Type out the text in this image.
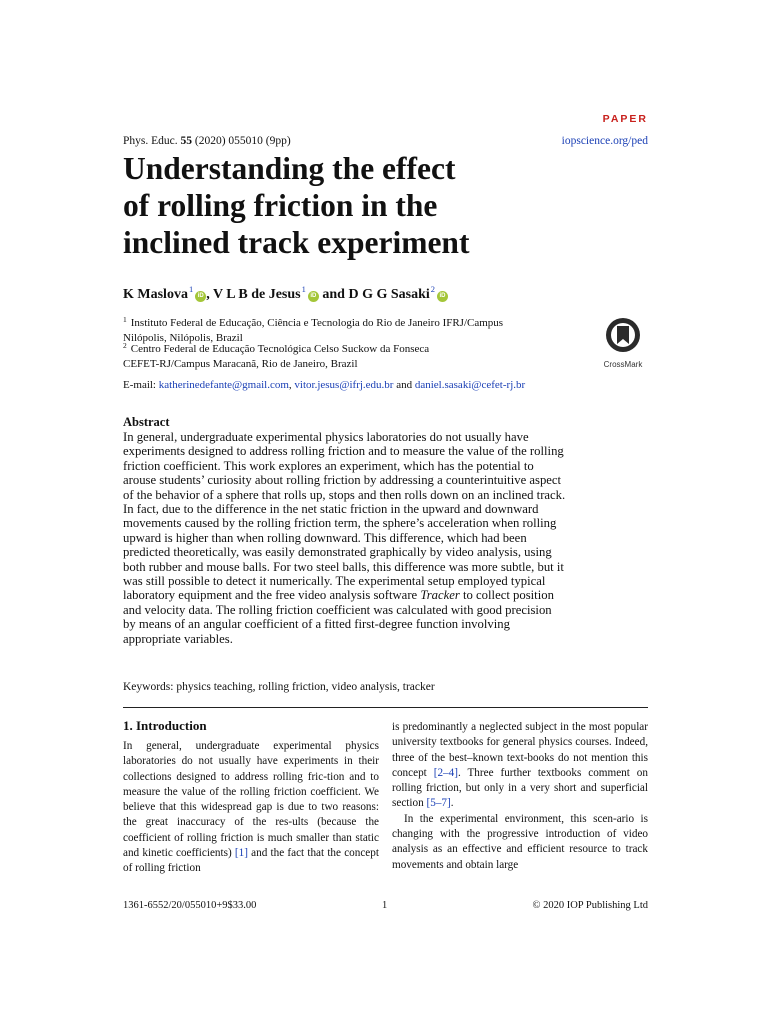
PAPER
Phys. Educ. 55 (2020) 055010 (9pp)	iopscience.org/ped
Understanding the effect
of rolling friction in the
inclined track experiment
K Maslova$^1$iD , V L B de Jesus$^1$iD and D G G Sasaki$^2$iD
$^1$ Instituto Federal de Educação, Ciência e Tecnologia do Rio de Janeiro IFRJ/Campus
Nilópolis, Nilópolis, Brazil
$^2$ Centro Federal de Educação Tecnológica Celso Suckow da Fonseca
CEFET-RJ/Campus Maracanã, Rio de Janeiro, Brazil	CrossMark
E-mail: katherinedefante@gmail.com, vitor.jesus@ifrj.edu.br and daniel.sasaki@cefet-rj.br
Abstract

In general, undergraduate experimental physics laboratories do not usually have experiments designed to address rolling friction and to measure the value of the rolling friction coefficient. This work explores an experiment, which has the potential to arouse students’ curiosity about rolling friction by addressing a counterintuitive aspect of the behavior of a sphere that rolls up, stops and then rolls down on an inclined track. In fact, due to the difference in the net static friction in the upward and downward movements caused by the rolling friction term, the sphere’s acceleration when rolling upward is higher than when rolling downward. This difference, which had been predicted theoretically, was easily demonstrated graphically by video analysis, using both rubber and mouse balls. For two steel balls, this difference was more subtle, but it was still possible to detect it numerically. The experimental setup employed typical laboratory equipment and the free video analysis software Tracker to collect position and velocity data. The rolling friction coefficient was calculated with good precision by means of an angular coefficient of a fitted first-degree function involving appropriate variables.

Keywords: physics teaching, rolling friction, video analysis, tracker
1. Introduction

In general, undergraduate experimental physics laboratories do not usually have experiments in their collections designed to address rolling fric-tion and to measure the value of the rolling friction coefficient. We believe that this widespread gap is due to two reasons: the great inaccuracy of the res-ults (because the coefficient of rolling friction is much smaller than static and kinetic coefficients) [1] and the fact that the concept of rolling friction

is predominantly a neglected subject in the most popular university textbooks for general physics courses. Indeed, three of the best–known text-books do not mention this concept [2–4]. Three further textbooks comment on rolling friction, but only in a very short and superficial section [5–7].

In the experimental environment, this scen-ario is changing with the progressive introduction of video analysis as an effective and efficient resource to track movements and obtain large

1361-6552/20/055010+9$33.00	1	© 2020 IOP Publishing Ltd
